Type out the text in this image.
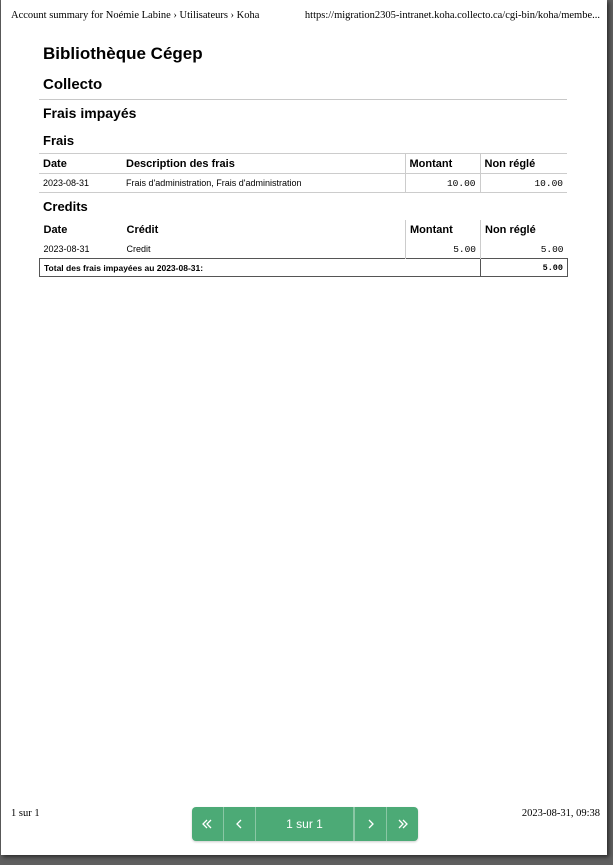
Account summary for Noémie Labine › Utilisateurs › Koha	https://migration2305-intranet.koha.collecto.ca/cgi-bin/koha/membe...
Bibliothèque Cégep
Collecto
Frais impayés
Frais
Date	Description des frais	Montant	Non réglé
2023-08-31	Frais d'administration, Frais d'administration	10.00	10.00
Credits
Date	Crédit	Montant	Non réglé
2023-08-31	Credit	5.00	5.00
Total des frais impayées au 2023-08-31:			5.00
1 sur 1	2023-08-31, 09:38
1 sur 1
